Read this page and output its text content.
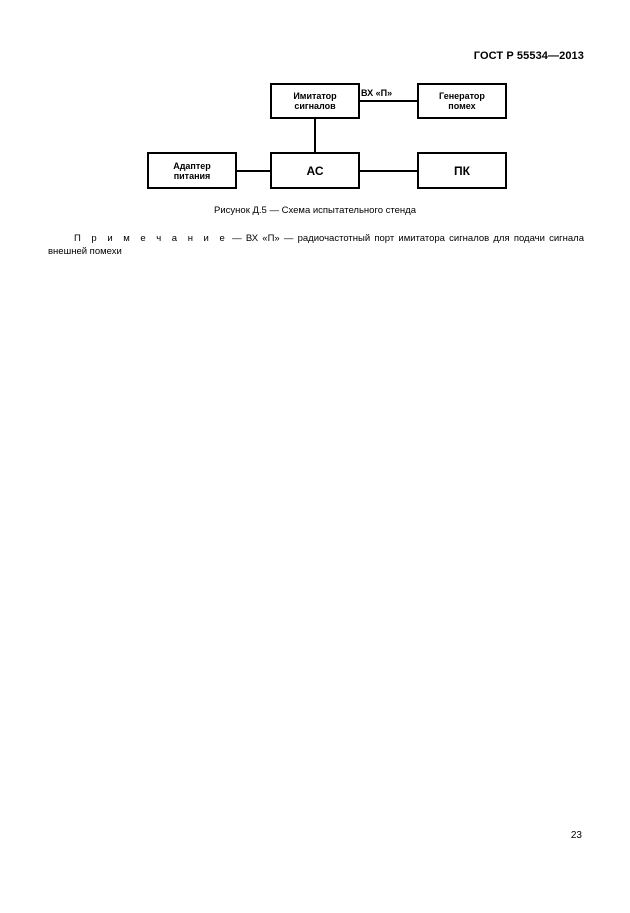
ГОСТ Р 55534—2013
Имитатор
сигналов
Генератор
помех
Адаптер
питания	АС	ПК
ВХ «П»
Рисунок Д.5 — Схема испытательного стенда
П р и м е ч а н и е — ВХ «П» — радиочастотный порт имитатора сигналов для подачи сигнала внешней помехи
23
